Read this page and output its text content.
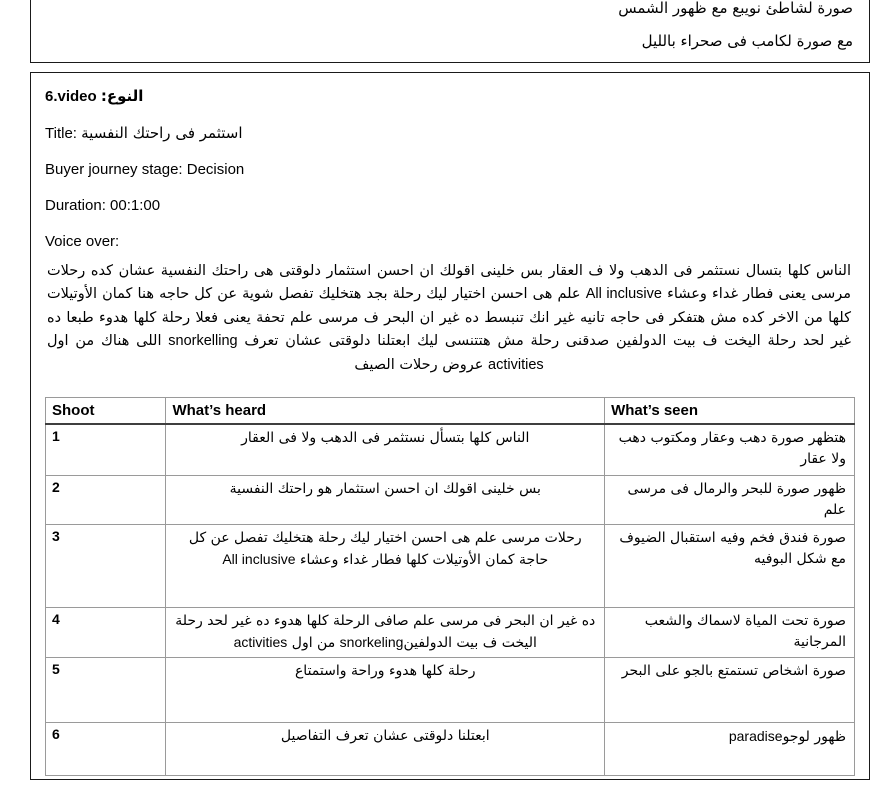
صورة لشاطئ نويبع مع ظهور الشمس
مع صورة لكامب فى صحراء بالليل
6.video النوع:
Title: استثمر فى راحتك النفسية
Buyer journey stage: Decision
Duration: 00:1:00
Voice over:
الناس كلها بتسال نستثمر فى الدهب ولا ف العقار بس خلينى اقولك ان احسن استثمار دلوقتى هى راحتك النفسية عشان كده رحلات مرسى يعنى فطار غداء وعشاء All inclusive علم هى احسن اختيار ليك رحلة بجد هتخليك تفصل شوية عن كل حاجه هنا كمان الأوتيلات كلها من الاخر كده مش هتفكر فى حاجه تانيه غير انك تنبسط ده غير ان البحر ف مرسى علم تحفة يعنى فعلا رحلة كلها هدوء طبعا ده غير لحد رحلة اليخت ف بيت الدولفين صدقنى رحلة مش هتتنسى ليك ابعتلنا دلوقتى عشان تعرف snorkelling اللى هناك من اول activities عروض رحلات الصيف
Shoot	What’s heard	What’s seen
1	الناس كلها بتسأل نستثمر فى الدهب ولا فى العقار	هتظهر صورة دهب وعقار ومكتوب دهب ولا عقار
2	بس خلينى اقولك ان احسن استثمار هو راحتك النفسية	ظهور صورة للبحر والرمال فى مرسى علم
3	رحلات مرسى علم هى احسن اختيار ليك رحلة هتخليك تفصل عن كل حاجة كمان الأوتيلات كلها فطار غداء وعشاء All inclusive	صورة فندق فخم وفيه استقبال الضيوف مع شكل البوفيه
4	ده غير ان البحر فى مرسى علم صافى الرحلة كلها هدوء ده غير لحد رحلة اليخت ف بيت الدولفينsnorkeling من اول activities	صورة تحت المياة لاسماك والشعب المرجانية
5	رحلة كلها هدوء وراحة واستمتاع	صورة اشخاص تستمتع بالجو على البحر
6	ابعتلنا دلوقتى عشان تعرف التفاصيل	ظهور لوجوparadise
